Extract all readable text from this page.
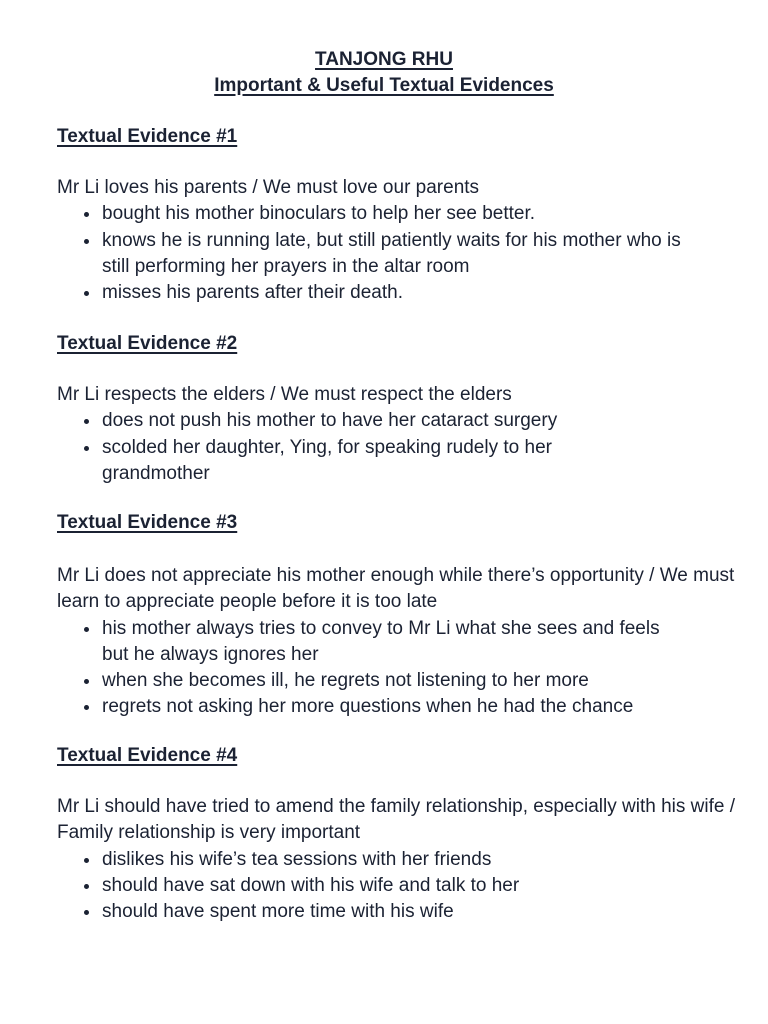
TANJONG RHU
Important & Useful Textual Evidences
Textual Evidence #1
Mr Li loves his parents / We must love our parents
bought his mother binoculars to help her see better.
knows he is running late, but still patiently waits for his mother who is still performing her prayers in the altar room
misses his parents after their death.
Textual Evidence #2
Mr Li respects the elders / We must respect the elders
does not push his mother to have her cataract surgery
scolded her daughter, Ying, for speaking rudely to her grandmother
Textual Evidence #3
Mr Li does not appreciate his mother enough while there’s opportunity / We must learn to appreciate people before it is too late
his mother always tries to convey to Mr Li what she sees and feels but he always ignores her
when she becomes ill, he regrets not listening to her more
regrets not asking her more questions when he had the chance
Textual Evidence #4
Mr Li should have tried to amend the family relationship, especially with his wife / Family relationship is very important
dislikes his wife’s tea sessions with her friends
should have sat down with his wife and talk to her
should have spent more time with his wife
